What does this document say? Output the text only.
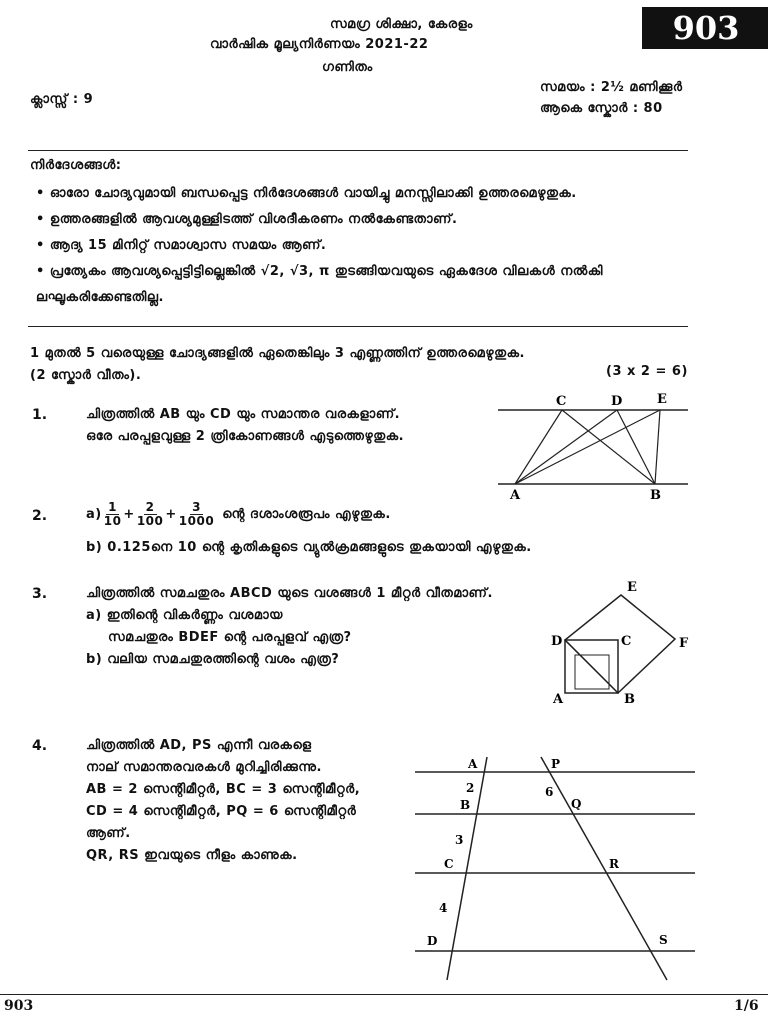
സമഗ്ര ശിക്ഷാ, കേരളം
വാർഷിക മൂല്യനിർണയം 2021-22
ഗണിതം
903
ക്ലാസ്സ് : 9
സമയം : 2½ മണിക്കൂർ
ആകെ സ്കോർ : 80
നിർദേശങ്ങൾ:
• ഓരോ ചോദ്യവുമായി ബന്ധപ്പെട്ട നിർദേശങ്ങൾ വായിച്ചു മനസ്സിലാക്കി ഉത്തരമെഴുതുക.
• ഉത്തരങ്ങളിൽ ആവശ്യമുള്ളിടത്ത് വിശദീകരണം നൽകേണ്ടതാണ്.
• ആദ്യ 15 മിനിറ്റ് സമാശ്വാസ സമയം ആണ്.
• പ്രത്യേകം ആവശ്യപ്പെട്ടിട്ടില്ലെങ്കിൽ √2, √3, π തുടങ്ങിയവയുടെ ഏകദേശ വിലകൾ നൽകി ലഘൂകരിക്കേണ്ടതില്ല.
1 മുതൽ 5 വരെയുള്ള ചോദ്യങ്ങളിൽ ഏതെങ്കിലും 3 എണ്ണത്തിന് ഉത്തരമെഴുതുക.
(2 സ്കോർ വീതം).	(3 x 2 = 6)
1.	ചിത്രത്തിൽ AB യും CD യും സമാന്തര വരകളാണ്.
ഒരേ പരപ്പളവുള്ള 2 ത്രികോണങ്ങൾ എടുത്തെഴുതുക.
C	D	E
A	B
2.	$a) \frac{1}{10} + \frac{2}{100} + \frac{3}{1000}$ ന്റെ ദശാംശരൂപം എഴുതുക.
b) 0.125നെ 10 ന്റെ കൃതികളുടെ വ്യുൽക്രമങ്ങളുടെ തുകയായി എഴുതുക.
3.	ചിത്രത്തിൽ സമചതുരം ABCD യുടെ വശങ്ങൾ 1 മീറ്റർ വീതമാണ്.
a) ഇതിന്റെ വികർണ്ണം വശമായ
സമചതുരം BDEF ന്റെ പരപ്പളവ് എത്ര?
b) വലിയ സമചതുരത്തിന്റെ വശം എത്ര?
E
D	C	F
A	B
4.	ചിത്രത്തിൽ AD, PS എന്നീ വരകളെ
നാല് സമാന്തരവരകൾ മുറിച്ചിരിക്കുന്നു.
AB = 2 സെന്റിമീറ്റർ, BC = 3 സെന്റിമീറ്റർ,
CD = 4 സെന്റിമീറ്റർ, PQ = 6 സെന്റിമീറ്റർ
ആണ്.
QR, RS ഇവയുടെ നീളം കാണുക.
A	P
2	6
B	Q
3
C	R
4
D	S
903	1/6
